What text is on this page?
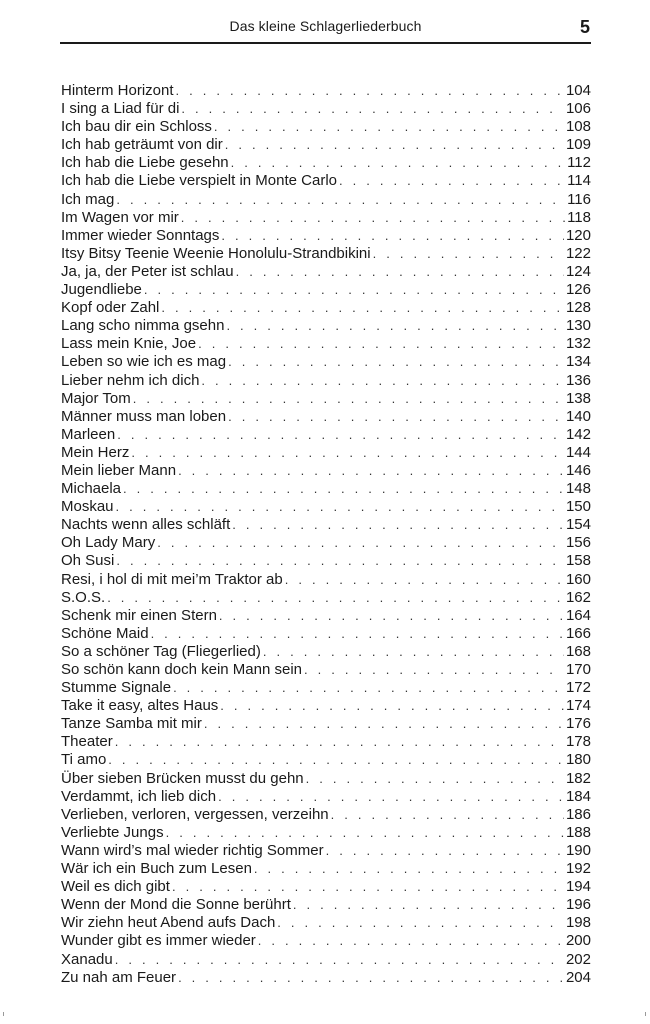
Das kleine Schlagerliederbuch	5
Hinterm Horizont . . .	104
I sing a Liad für di . . .	106
Ich bau dir ein Schloss . . .	108
Ich hab geträumt von dir . . .	109
Ich hab die Liebe gesehn . . .	112
Ich hab die Liebe verspielt in Monte Carlo . . .	114
Ich mag . . .	116
Im Wagen vor mir . . .	118
Immer wieder Sonntags . . .	120
Itsy Bitsy Teenie Weenie Honolulu-Strandbikini . . .	122
Ja, ja, der Peter ist schlau . . .	124
Jugendliebe . . .	126
Kopf oder Zahl . . .	128
Lang scho nimma gsehn . . .	130
Lass mein Knie, Joe . . .	132
Leben so wie ich es mag . . .	134
Lieber nehm ich dich . . .	136
Major Tom . . .	138
Männer muss man loben . . .	140
Marleen . . .	142
Mein Herz . . .	144
Mein lieber Mann . . .	146
Michaela . . .	148
Moskau . . .	150
Nachts wenn alles schläft . . .	154
Oh Lady Mary . . .	156
Oh Susi . . .	158
Resi, i hol di mit mei’m Traktor ab . . .	160
S.O.S. . . .	162
Schenk mir einen Stern . . .	164
Schöne Maid . . .	166
So a schöner Tag (Fliegerlied) . . .	168
So schön kann doch kein Mann sein . . .	170
Stumme Signale . . .	172
Take it easy, altes Haus . . .	174
Tanze Samba mit mir . . .	176
Theater . . .	178
Ti amo . . .	180
Über sieben Brücken musst du gehn . . .	182
Verdammt, ich lieb dich . . .	184
Verlieben, verloren, vergessen, verzeihn . . .	186
Verliebte Jungs . . .	188
Wann wird’s mal wieder richtig Sommer . . .	190
Wär ich ein Buch zum Lesen . . .	192
Weil es dich gibt . . .	194
Wenn der Mond die Sonne berührt . . .	196
Wir ziehn heut Abend aufs Dach . . .	198
Wunder gibt es immer wieder . . .	200
Xanadu . . .	202
Zu nah am Feuer . . .	204
